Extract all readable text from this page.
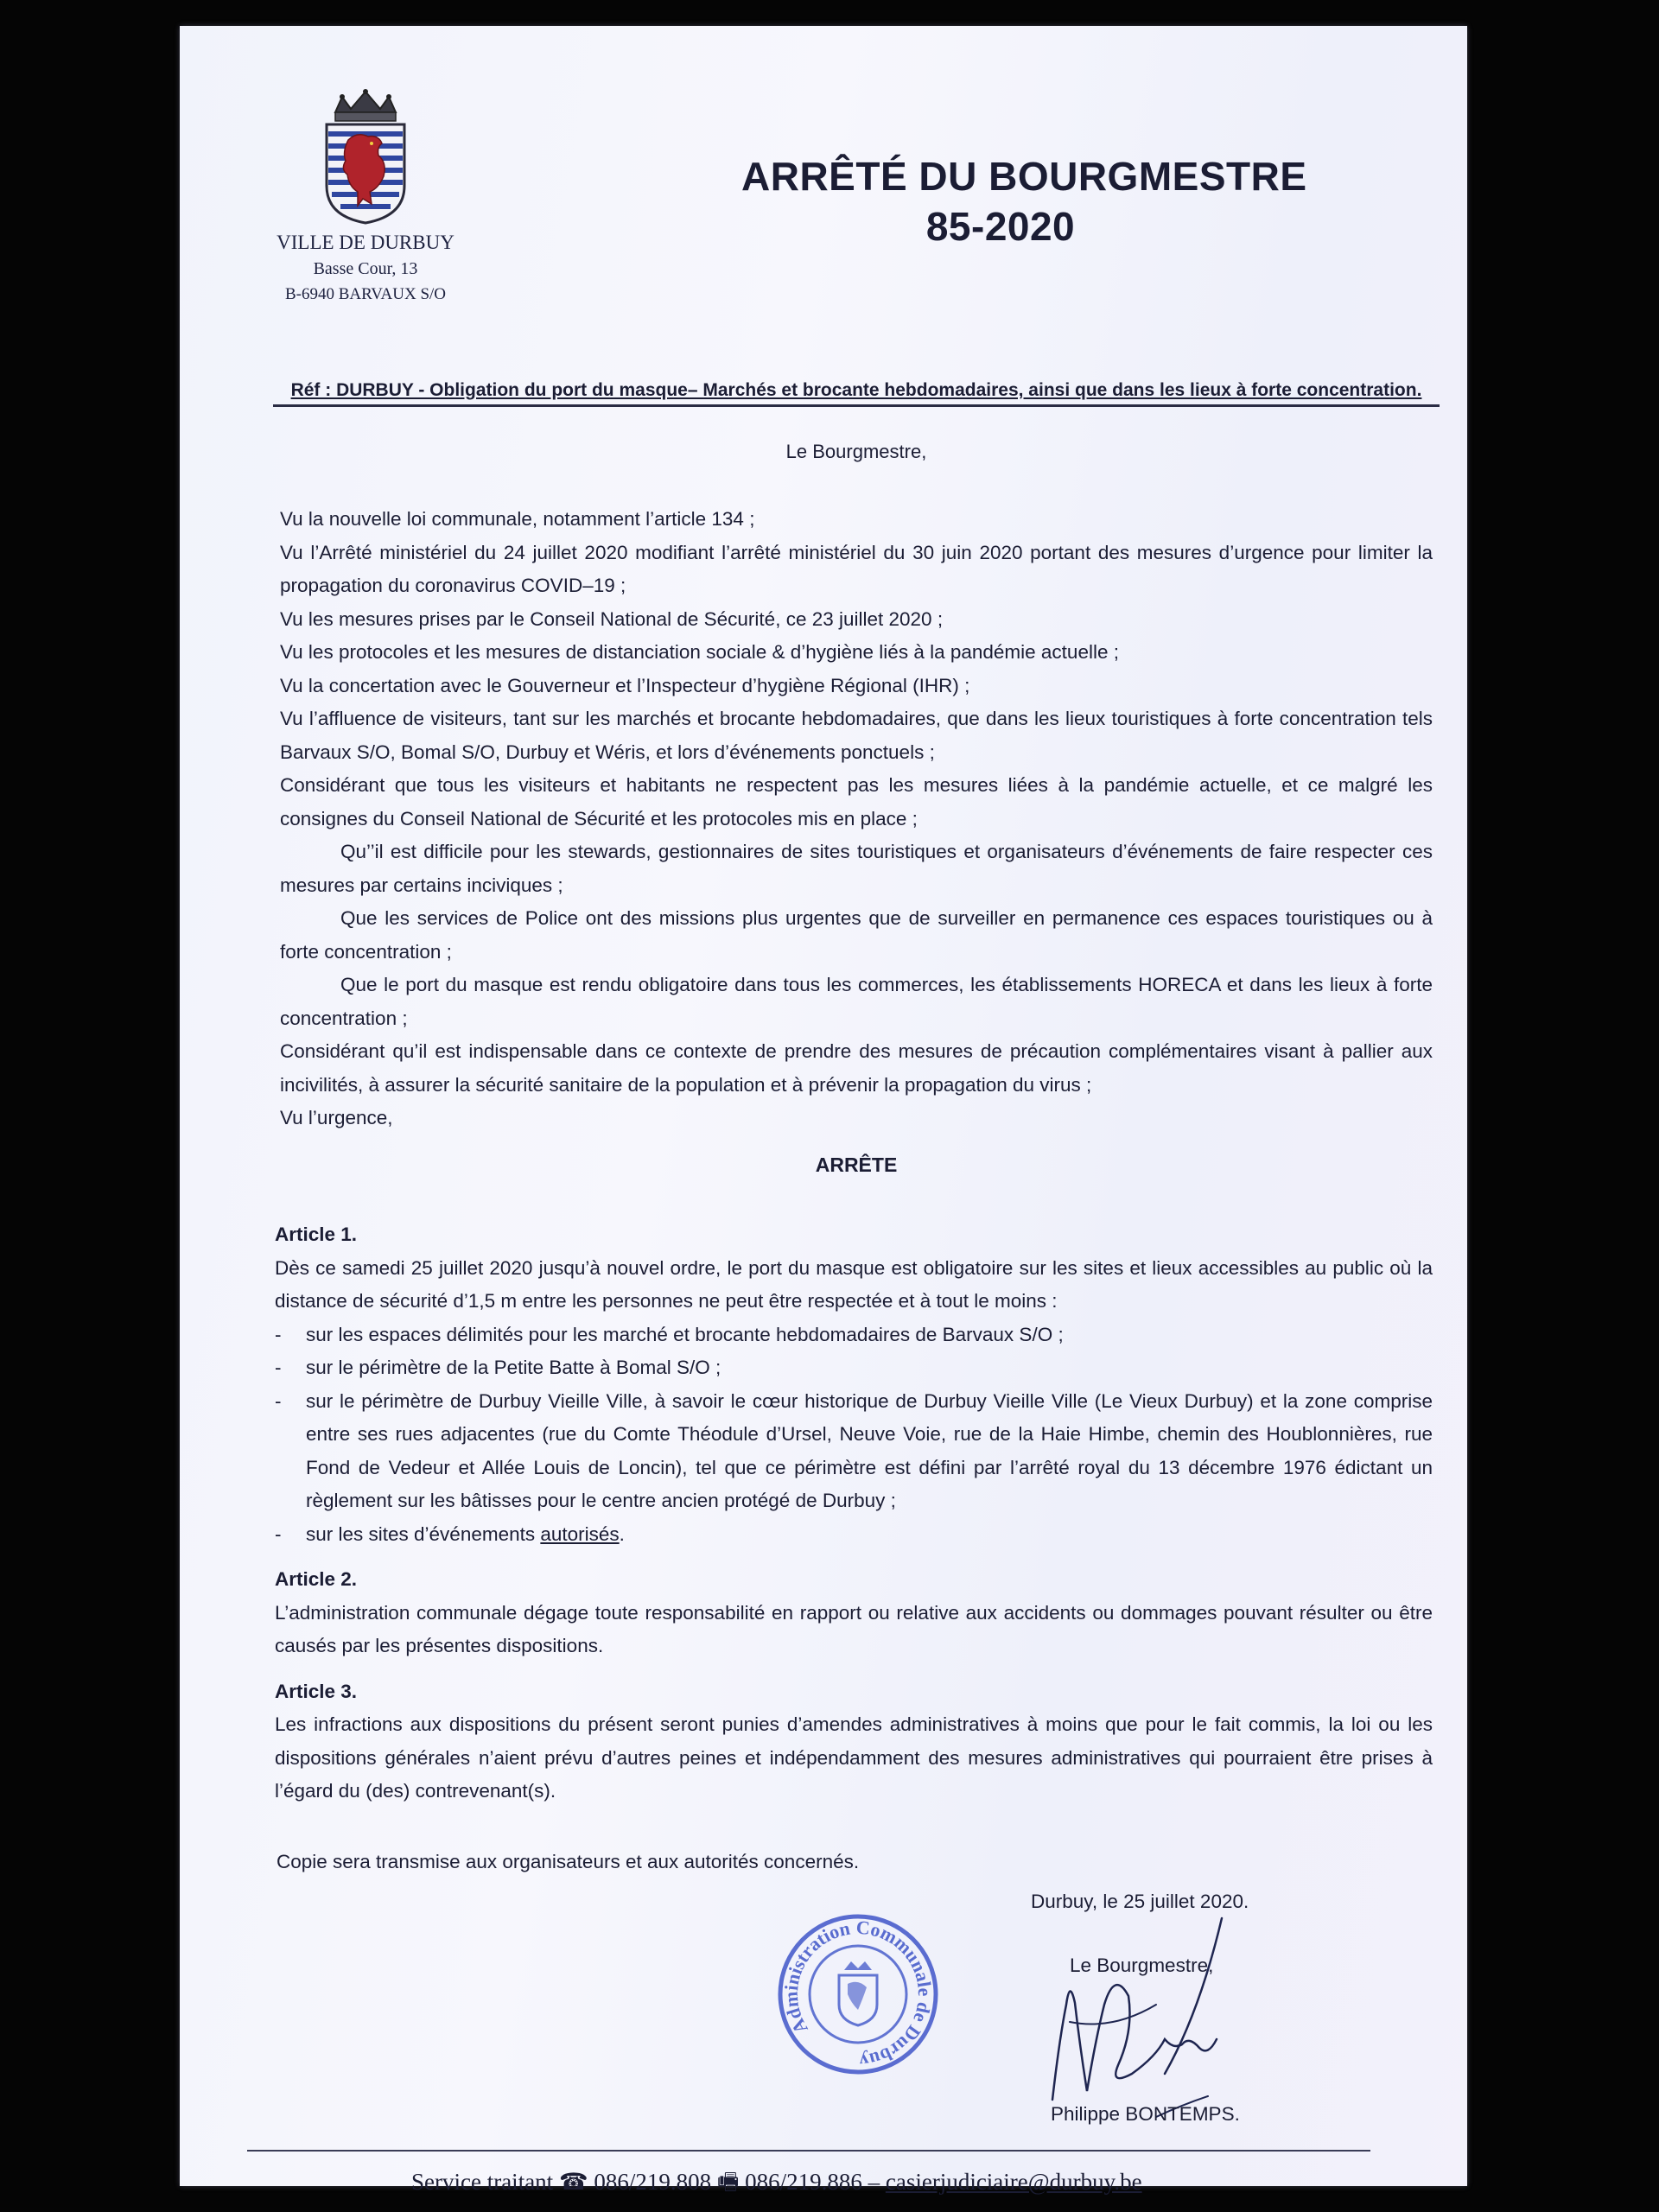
VILLE DE DURBUY

Basse Cour, 13

B-6940 BARVAUX S/O

ARRÊTÉ DU BOURGMESTRE
85-2020
Réf : DURBUY - Obligation du port du masque– Marchés et brocante hebdomadaires, ainsi que dans les lieux à forte concentration.
Le Bourgmestre,

Vu la nouvelle loi communale, notamment l’article 134 ;

Vu l’Arrêté ministériel du 24 juillet 2020 modifiant l’arrêté ministériel du 30 juin 2020 portant des mesures d’urgence pour limiter la propagation du coronavirus COVID–19 ;

Vu les mesures prises par le Conseil National de Sécurité, ce 23 juillet 2020 ;

Vu les protocoles et les mesures de distanciation sociale & d’hygiène liés à la pandémie actuelle ;

Vu la concertation avec le Gouverneur et l’Inspecteur d’hygiène Régional (IHR) ;

Vu l’affluence de visiteurs, tant sur les marchés et brocante hebdomadaires, que dans les lieux touristiques à forte concentration tels Barvaux S/O, Bomal S/O, Durbuy et Wéris, et lors d’événements ponctuels ;

Considérant que tous les visiteurs et habitants ne respectent pas les mesures liées à la pandémie actuelle, et ce malgré les consignes du Conseil National de Sécurité et les protocoles mis en place ;

Qu’’il est difficile pour les stewards, gestionnaires de sites touristiques et organisateurs d’événements de faire respecter ces mesures par certains inciviques ;

Que les services de Police ont des missions plus urgentes que de surveiller en permanence ces espaces touristiques ou à forte concentration ;

Que le port du masque est rendu obligatoire dans tous les commerces, les établissements HORECA et dans les lieux à forte concentration ;

Considérant qu’il est indispensable dans ce contexte de prendre des mesures de précaution complémentaires visant à pallier aux incivilités, à assurer la sécurité sanitaire de la population et à prévenir la propagation du virus ;

Vu l’urgence,

ARRÊTE

Article 1.

Dès ce samedi 25 juillet 2020 jusqu’à nouvel ordre, le port du masque est obligatoire sur les sites et lieux accessibles au public où la distance de sécurité d’1,5 m entre les personnes ne peut être respectée et à tout le moins :

- sur les espaces délimités pour les marché et brocante hebdomadaires de Barvaux S/O ;
- sur le périmètre de la Petite Batte à Bomal S/O ;
- sur le périmètre de Durbuy Vieille Ville, à savoir le cœur historique de Durbuy Vieille Ville (Le Vieux Durbuy) et la zone comprise entre ses rues adjacentes (rue du Comte Théodule d’Ursel, Neuve Voie, rue de la Haie Himbe, chemin des Houblonnières, rue Fond de Vedeur et Allée Louis de Loncin), tel que ce périmètre est défini par l’arrêté royal du 13 décembre 1976 édictant un règlement sur les bâtisses pour le centre ancien protégé de Durbuy ;
- sur les sites d’événements autorisés.

Article 2.

L’administration communale dégage toute responsabilité en rapport ou relative aux accidents ou dommages pouvant résulter ou être causés par les présentes dispositions.

Article 3.

Les infractions aux dispositions du présent seront punies d’amendes administratives à moins que pour le fait commis, la loi ou les dispositions générales n’aient prévu d’autres peines et indépendamment des mesures administratives qui pourraient être prises à l’égard du (des) contrevenant(s).

Copie sera transmise aux organisateurs et aux autorités concernés.
Administration Communale de Durbuy
Durbuy, le 25 juillet 2020.
Le Bourgmestre,
Philippe BONTEMPS.
Service traitant ☎ 086/219.808 🖷 086/219.886 – casierjudiciaire@durbuy.be
